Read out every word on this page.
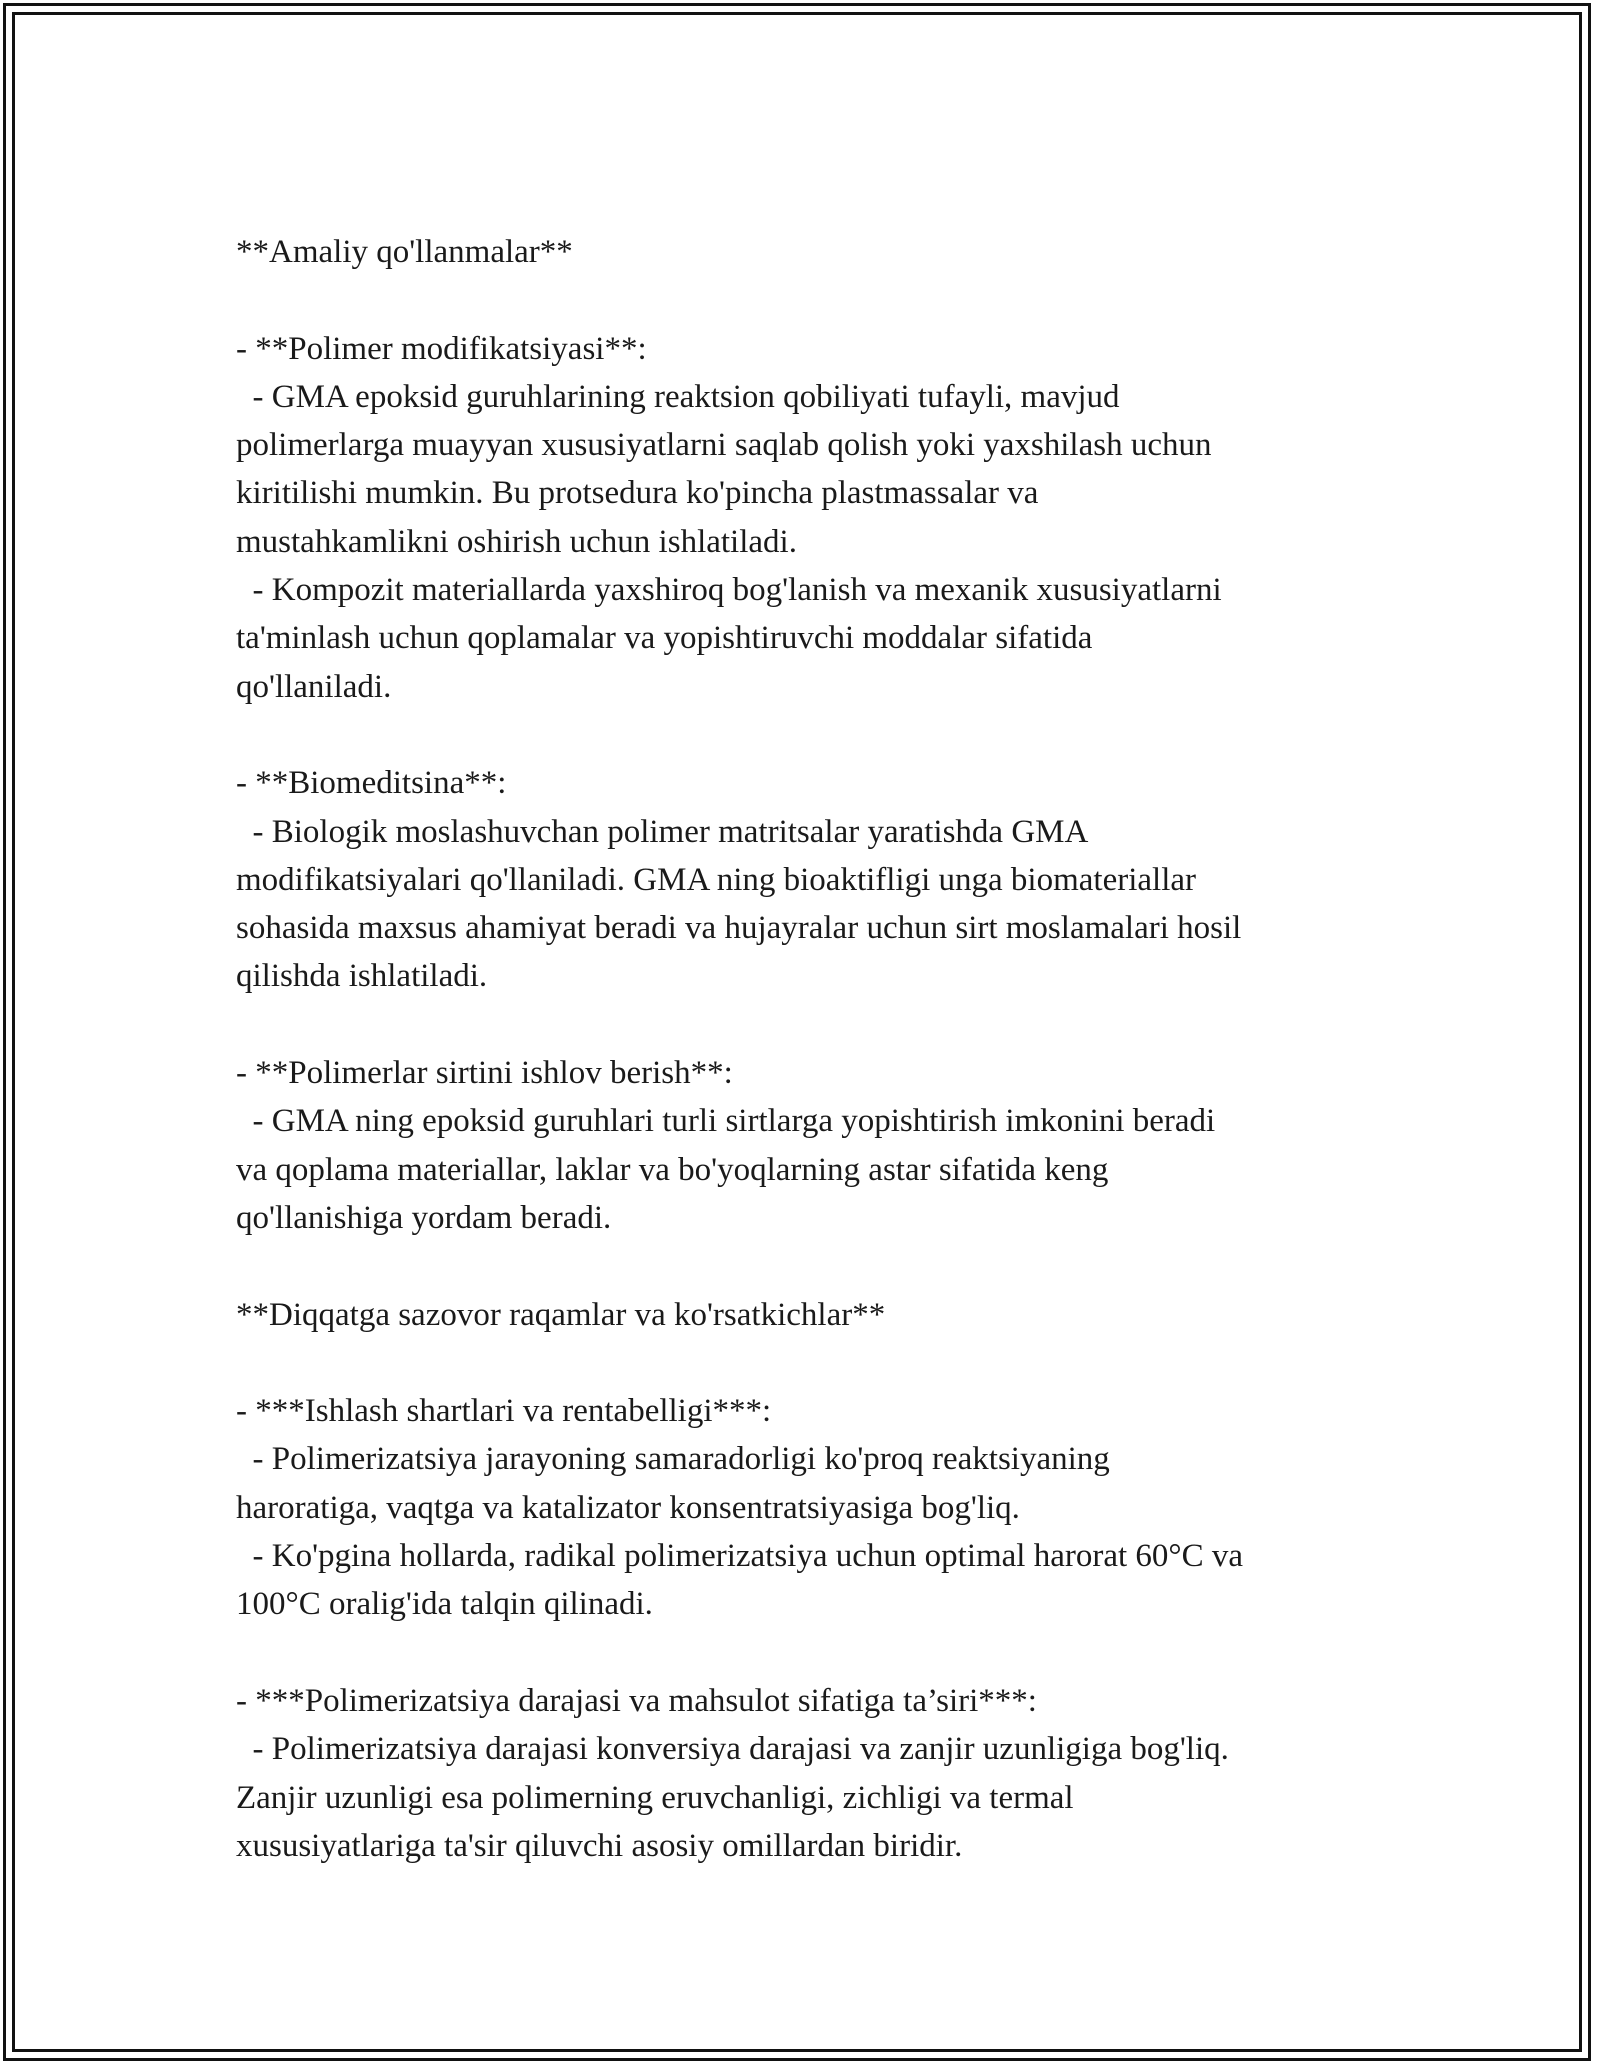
**Amaliy qo'llanmalar**
- **Polimer modifikatsiyasi**:
- GMA epoksid guruhlarining reaktsion qobiliyati tufayli, mavjud
polimerlarga muayyan xususiyatlarni saqlab qolish yoki yaxshilash uchun
kiritilishi mumkin. Bu protsedura ko'pincha plastmassalar va
mustahkamlikni oshirish uchun ishlatiladi.
- Kompozit materiallarda yaxshiroq bog'lanish va mexanik xususiyatlarni
ta'minlash uchun qoplamalar va yopishtiruvchi moddalar sifatida
qo'llaniladi.
- **Biomeditsina**:
- Biologik moslashuvchan polimer matritsalar yaratishda GMA
modifikatsiyalari qo'llaniladi. GMA ning bioaktifligi unga biomateriallar
sohasida maxsus ahamiyat beradi va hujayralar uchun sirt moslamalari hosil
qilishda ishlatiladi.
- **Polimerlar sirtini ishlov berish**:
- GMA ning epoksid guruhlari turli sirtlarga yopishtirish imkonini beradi
va qoplama materiallar, laklar va bo'yoqlarning astar sifatida keng
qo'llanishiga yordam beradi.
**Diqqatga sazovor raqamlar va ko'rsatkichlar**
- ***Ishlash shartlari va rentabelligi***:
- Polimerizatsiya jarayoning samaradorligi ko'proq reaktsiyaning
haroratiga, vaqtga va katalizator konsentratsiyasiga bog'liq.
- Ko'pgina hollarda, radikal polimerizatsiya uchun optimal harorat 60°C va
100°C oralig'ida talqin qilinadi.
- ***Polimerizatsiya darajasi va mahsulot sifatiga ta’siri***:
- Polimerizatsiya darajasi konversiya darajasi va zanjir uzunligiga bog'liq.
Zanjir uzunligi esa polimerning eruvchanligi, zichligi va termal
xususiyatlariga ta'sir qiluvchi asosiy omillardan biridir.
